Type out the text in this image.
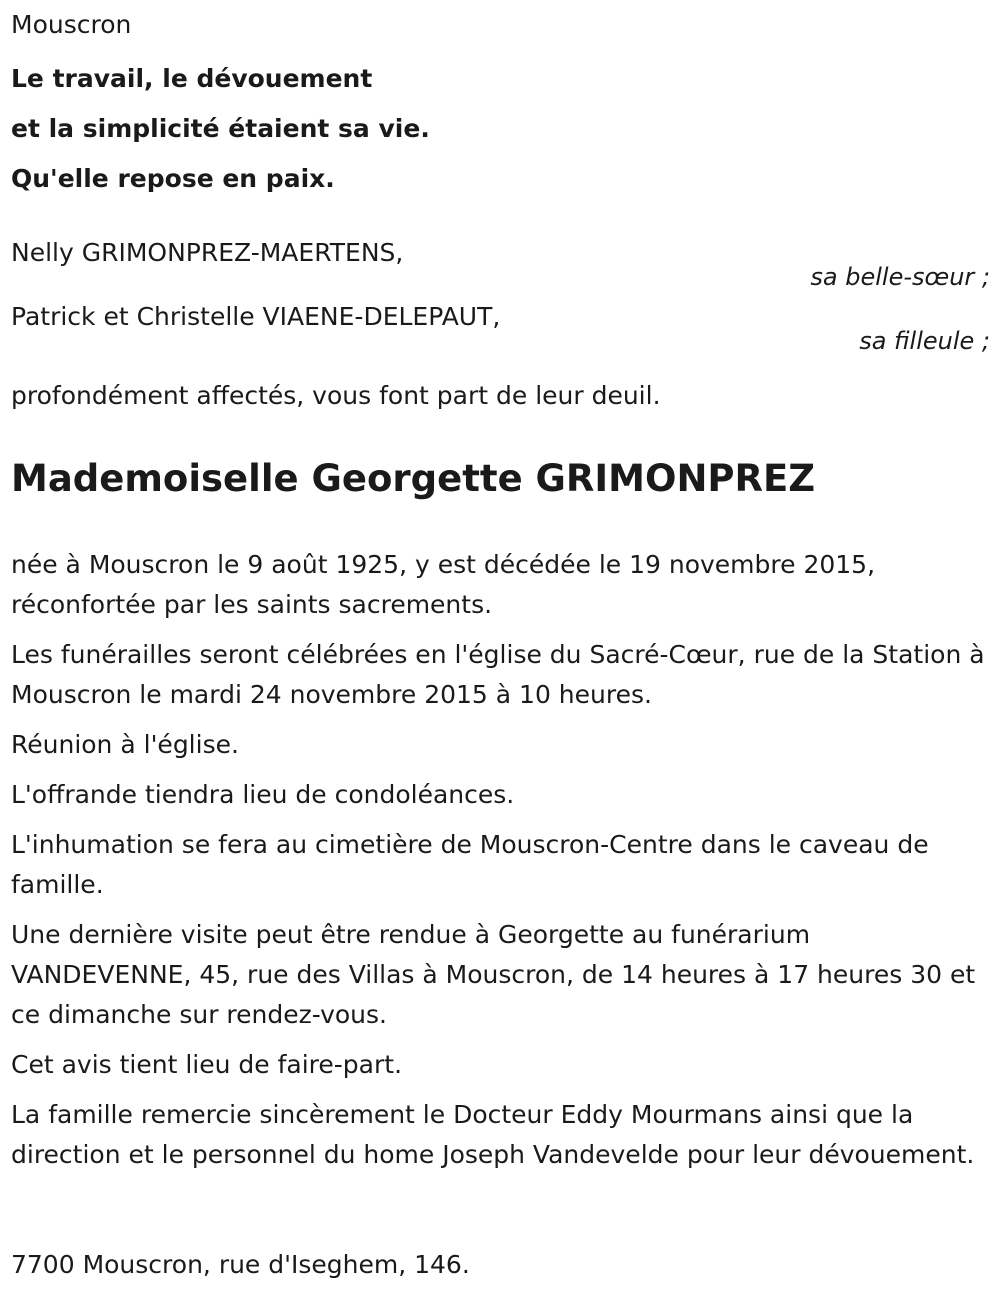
Mouscron
Le travail, le dévouement
et la simplicité étaient sa vie.
Qu'elle repose en paix.
Nelly GRIMONPREZ-MAERTENS,
sa belle-sœur ;
Patrick et Christelle VIAENE-DELEPAUT,
sa filleule ;
profondément affectés, vous font part de leur deuil.
Mademoiselle Georgette GRIMONPREZ

née à Mouscron le 9 août 1925, y est décédée le 19 novembre 2015, réconfortée par les saints sacrements.

Les funérailles seront célébrées en l'église du Sacré-Cœur, rue de la Station à Mouscron le mardi 24 novembre 2015 à 10 heures.

Réunion à l'église.

L'offrande tiendra lieu de condoléances.

L'inhumation se fera au cimetière de Mouscron-Centre dans le caveau de famille.

Une dernière visite peut être rendue à Georgette au funérarium VANDEVENNE, 45, rue des Villas à Mouscron, de 14 heures à 17 heures 30 et ce dimanche sur rendez-vous.

Cet avis tient lieu de faire-part.

La famille remercie sincèrement le Docteur Eddy Mourmans ainsi que la direction et le personnel du home Joseph Vandevelde pour leur dévouement.

7700 Mouscron, rue d'Iseghem, 146.
